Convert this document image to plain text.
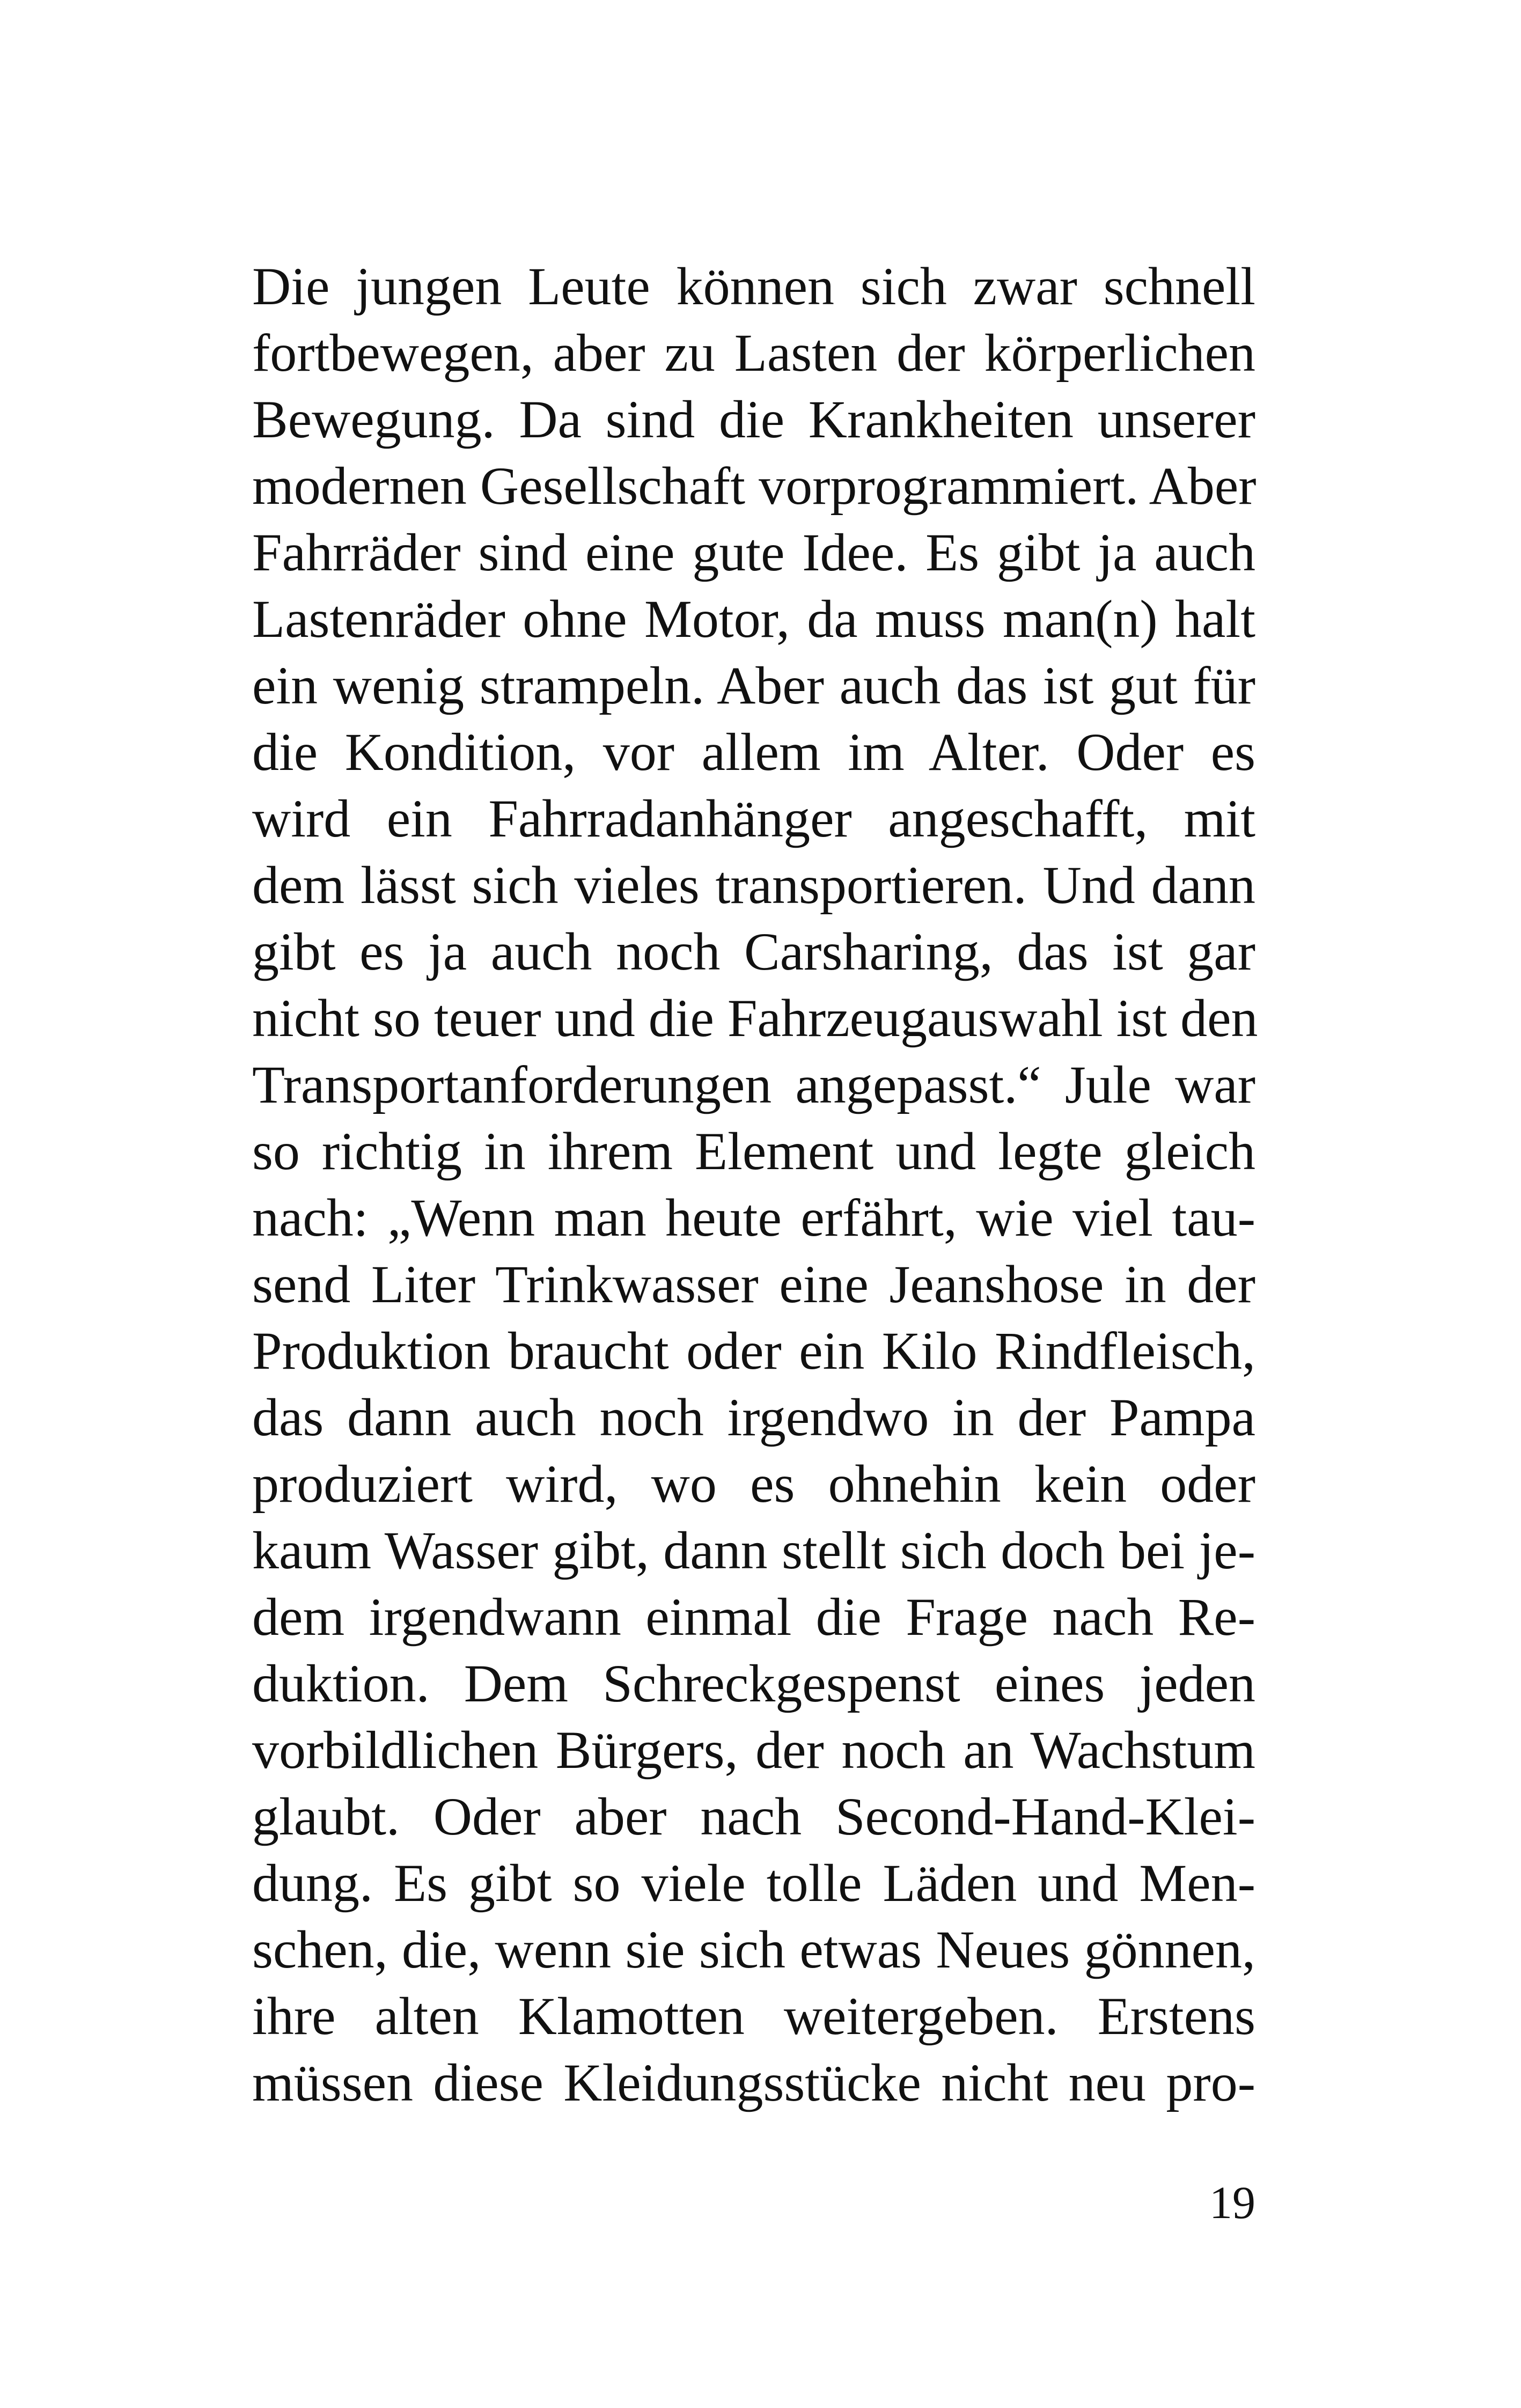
Die jungen Leute können sich zwar schnell
fortbewegen, aber zu Lasten der körperlichen
Bewegung. Da sind die Krankheiten unserer
modernen Gesellschaft vorprogrammiert. Aber
Fahrräder sind eine gute Idee. Es gibt ja auch
Lastenräder ohne Motor, da muss man(n) halt
ein wenig strampeln. Aber auch das ist gut für
die Kondition, vor allem im Alter. Oder es
wird ein Fahrradanhänger angeschafft, mit
dem lässt sich vieles transportieren. Und dann
gibt es ja auch noch Carsharing, das ist gar
nicht so teuer und die Fahrzeugauswahl ist den
Transportanforderungen angepasst.“ Jule war
so richtig in ihrem Element und legte gleich
nach: „Wenn man heute erfährt, wie viel tau-
send Liter Trinkwasser eine Jeanshose in der
Produktion braucht oder ein Kilo Rindfleisch,
das dann auch noch irgendwo in der Pampa
produziert wird, wo es ohnehin kein oder
kaum Wasser gibt, dann stellt sich doch bei je-
dem irgendwann einmal die Frage nach Re-
duktion. Dem Schreckgespenst eines jeden
vorbildlichen Bürgers, der noch an Wachstum
glaubt. Oder aber nach Second-Hand-Klei-
dung. Es gibt so viele tolle Läden und Men-
schen, die, wenn sie sich etwas Neues gönnen,
ihre alten Klamotten weitergeben. Erstens
müssen diese Kleidungsstücke nicht neu pro-
19
